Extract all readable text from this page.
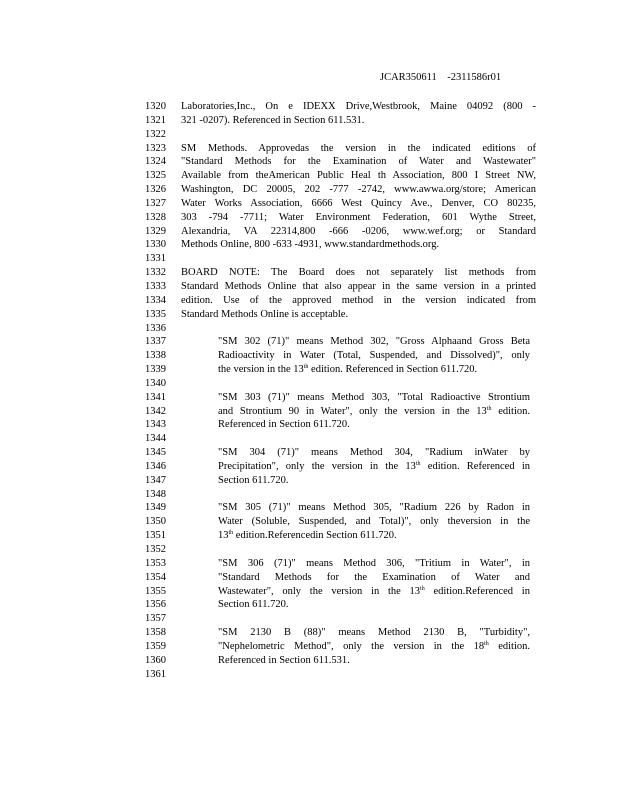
JCAR350611    -2311586r01
1320
1321
1322
1323
1324
1325
1326
1327
1328
1329
1330
1331
1332
1333
1334
1335
1336
1337
1338
1339
1340
1341
1342
1343
1344
1345
1346
1347
1348
1349
1350
1351
1352
1353
1354
1355
1356
1357
1358
1359
1360
1361
Laboratories,Inc., On e IDEXX Drive,Westbrook, Maine 04092 (800 -
321 -0207). Referenced in Section 611.531.
SM Methods. Approvedas the version in the indicated editions of
"Standard Methods for the Examination of Water and Wastewater"
Available from theAmerican Public Heal th Association, 800 I Street NW,
Washington, DC 20005, 202 -777 -2742, www.awwa.org/store; American
Water Works Association, 6666 West Quincy Ave., Denver, CO 80235,
303 -794 -7711; Water Environment Federation, 601 Wythe Street,
Alexandria, VA 22314,800 -666 -0206, www.wef.org; or Standard
Methods Online, 800 -633 -4931, www.standardmethods.org.
BOARD NOTE: The Board does not separately list methods from
Standard Methods Online that also appear in the same version in a printed
edition. Use of the approved method in the version indicated from
Standard Methods Online is acceptable.
"SM 302 (71)" means Method 302, "Gross Alphaand Gross Beta
Radioactivity in Water (Total, Suspended, and Dissolved)", only
the version in the 13th edition. Referenced in Section 611.720.
"SM 303 (71)" means Method 303, "Total Radioactive Strontium
and Strontium 90 in Water", only the version in the 13th edition.
Referenced in Section 611.720.
"SM 304 (71)" means Method 304, "Radium inWater by
Precipitation", only the version in the 13th edition. Referenced in
Section 611.720.
"SM 305 (71)" means Method 305, "Radium 226 by Radon in
Water (Soluble, Suspended, and Total)", only theversion in the
13th edition.Referencedin Section 611.720.
"SM 306 (71)" means Method 306, "Tritium in Water", in
"Standard Methods for the Examination of Water and
Wastewater", only the version in the 13th edition.Referenced in
Section 611.720.
"SM 2130 B (88)" means Method 2130 B, "Turbidity",
"Nephelometric Method", only the version in the 18th edition.
Referenced in Section 611.531.
